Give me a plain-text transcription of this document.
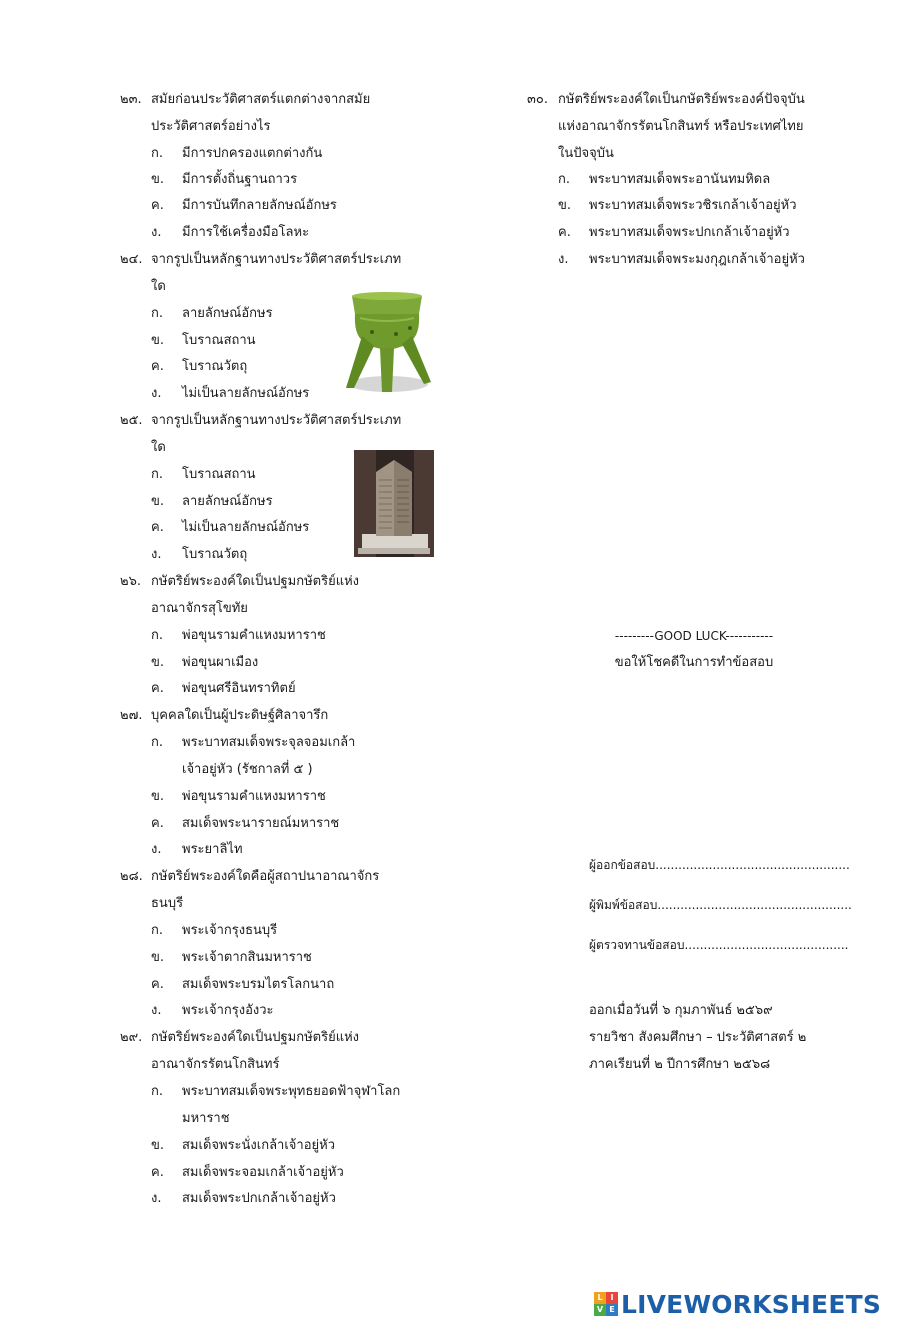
๒๓. สมัยก่อนประวัติศาสตร์แตกต่างจากสมัย
ประวัติศาสตร์อย่างไร
ก. มีการปกครองแตกต่างกัน
ข. มีการตั้งถิ่นฐานถาวร
ค. มีการบันทึกลายลักษณ์อักษร
ง. มีการใช้เครื่องมือโลหะ
๒๔. จากรูปเป็นหลักฐานทางประวัติศาสตร์ประเภท
ใด
ก. ลายลักษณ์อักษร
ข. โบราณสถาน
ค. โบราณวัตถุ
ง. ไม่เป็นลายลักษณ์อักษร
๒๕. จากรูปเป็นหลักฐานทางประวัติศาสตร์ประเภท
ใด
ก. โบราณสถาน
ข. ลายลักษณ์อักษร
ค. ไม่เป็นลายลักษณ์อักษร
ง. โบราณวัตถุ
๒๖. กษัตริย์พระองค์ใดเป็นปฐมกษัตริย์แห่ง
อาณาจักรสุโขทัย
ก. พ่อขุนรามคำแหงมหาราช
ข. พ่อขุนผาเมือง
ค. พ่อขุนศรีอินทราทิตย์
๒๗. บุคคลใดเป็นผู้ประดิษฐ์ศิลาจารึก
ก. พระบาทสมเด็จพระจุลจอมเกล้า
เจ้าอยู่หัว (รัชกาลที่ ๕ )
ข. พ่อขุนรามคำแหงมหาราช
ค. สมเด็จพระนารายณ์มหาราช
ง. พระยาลิไท
๒๘. กษัตริย์พระองค์ใดคือผู้สถาปนาอาณาจักร
ธนบุรี
ก. พระเจ้ากรุงธนบุรี
ข. พระเจ้าตากสินมหาราช
ค. สมเด็จพระบรมไตรโลกนาถ
ง. พระเจ้ากรุงอังวะ
๒๙. กษัตริย์พระองค์ใดเป็นปฐมกษัตริย์แห่ง
อาณาจักรรัตนโกสินทร์
ก. พระบาทสมเด็จพระพุทธยอดฟ้าจุฬาโลก
มหาราช
ข. สมเด็จพระนั่งเกล้าเจ้าอยู่หัว
ค. สมเด็จพระจอมเกล้าเจ้าอยู่หัว
ง. สมเด็จพระปกเกล้าเจ้าอยู่หัว
๓๐. กษัตริย์พระองค์ใดเป็นกษัตริย์พระองค์ปัจจุบัน
แห่งอาณาจักรรัตนโกสินทร์ หรือประเทศไทย
ในปัจจุบัน
ก. พระบาทสมเด็จพระอานันทมหิดล
ข. พระบาทสมเด็จพระวชิรเกล้าเจ้าอยู่หัว
ค. พระบาทสมเด็จพระปกเกล้าเจ้าอยู่หัว
ง. พระบาทสมเด็จพระมงกุฎเกล้าเจ้าอยู่หัว
---------GOOD LUCK-----------
ขอให้โชคดีในการทำข้อสอบ
ผู้ออกข้อสอบ...................................................
ผู้พิมพ์ข้อสอบ...................................................
ผู้ตรวจทานข้อสอบ...........................................
ออกเมื่อวันที่ ๖ กุมภาพันธ์ ๒๕๖๙
รายวิชา สังคมศึกษา – ประวัติศาสตร์ ๒
ภาคเรียนที่ ๒ ปีการศึกษา ๒๕๖๘
L I
V E LIVEWORKSHEETS
